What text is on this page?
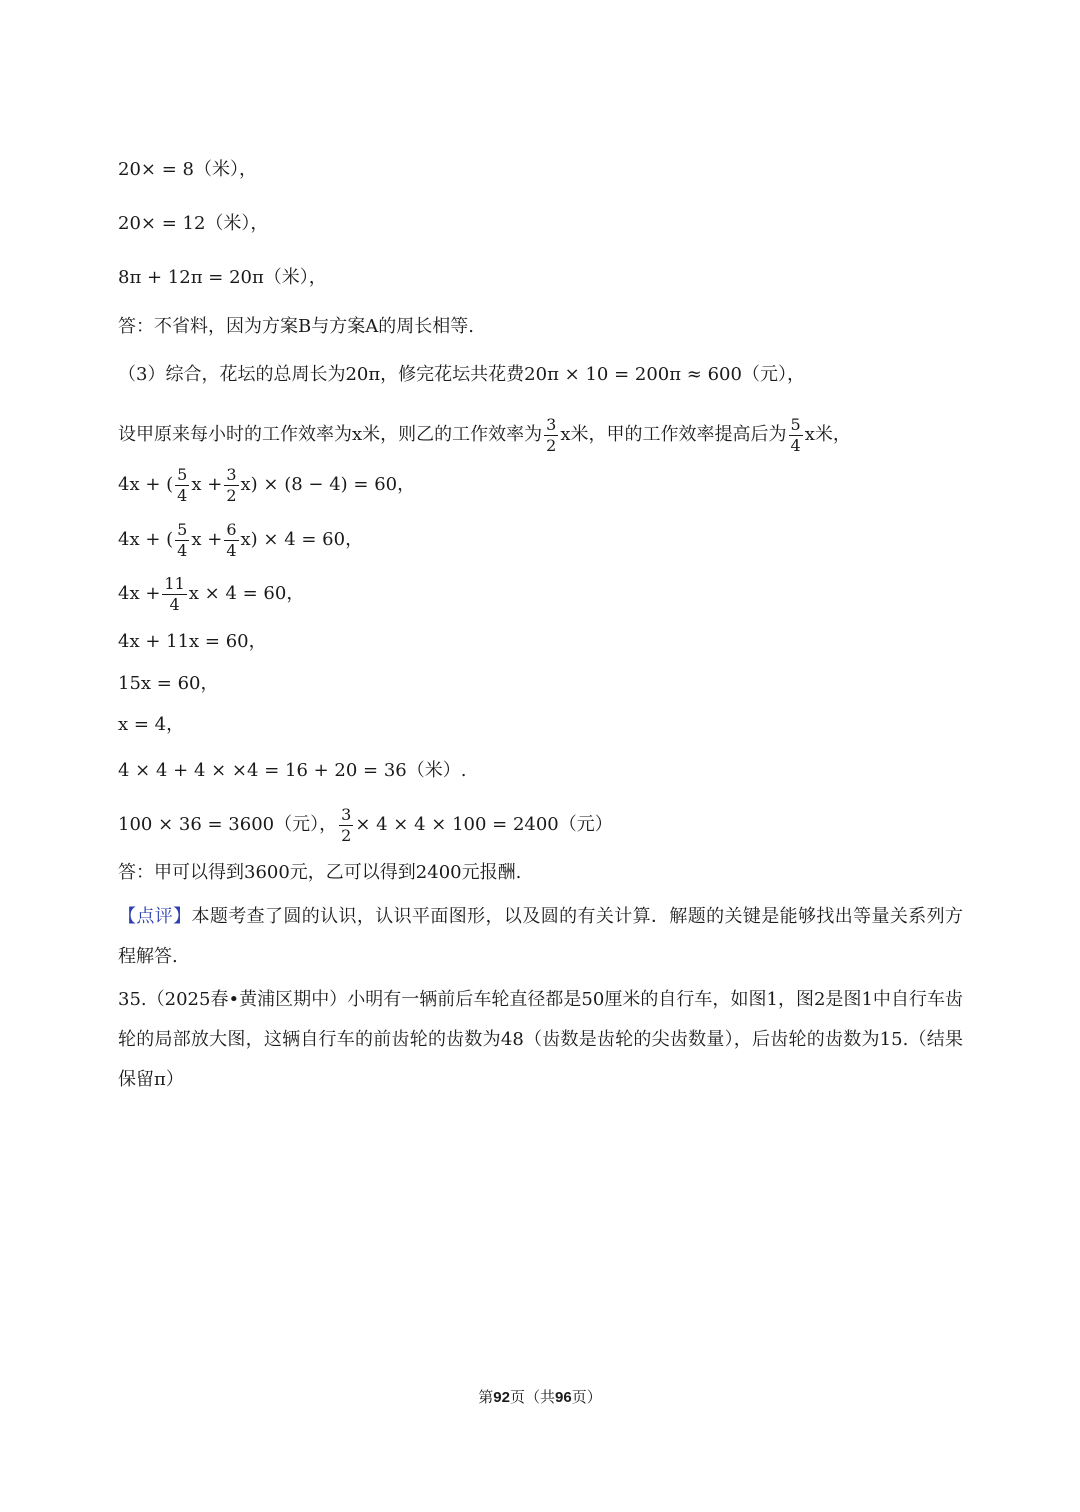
20× = 8（米），
20× = 12（米），
8π + 12π = 20π（米），
答：不省料，因为方案B与方案A的周长相等.
（3）综合，花坛的总周长为20π，修完花坛共花费20π × 10 = 200π ≈ 600（元），
设甲原来每小时的工作效率为x米，则乙的工作效率为 $\frac{3}{2}$ x米，甲的工作效率提高后为 $\frac{5}{4}$ x米，
4x + ( $\frac{5}{4}$ $x + \frac{3}{2} x) \times (8 - 4) = 60$，
4x + ( $\frac{5}{4}$ $x + \frac{6}{4} x) \times 4 = 60$，
$4x + \frac{11}{4}$ x × 4 = 60，
4x + 11x = 60，
15x = 60，
x = 4，
4 × 4 + 4 × ×4 = 16 + 20 = 36（米）.
100 × 36 = 3600（元）， $\frac{3}{2} \times 4 \times 4 \times 100 = 2400$（元）
答：甲可以得到3600元，乙可以得到2400元报酬.
【点评】本题考查了圆的认识，认识平面图形，以及圆的有关计算．解题的关键是能够找出等量关系列方程解答.
35.（2025春•黄浦区期中）小明有一辆前后车轮直径都是50厘米的自行车，如图1，图2是图1中自行车齿轮的局部放大图，这辆自行车的前齿轮的齿数为48（齿数是齿轮的尖齿数量），后齿轮的齿数为15.（结果保留π）
第92页（共96页）
